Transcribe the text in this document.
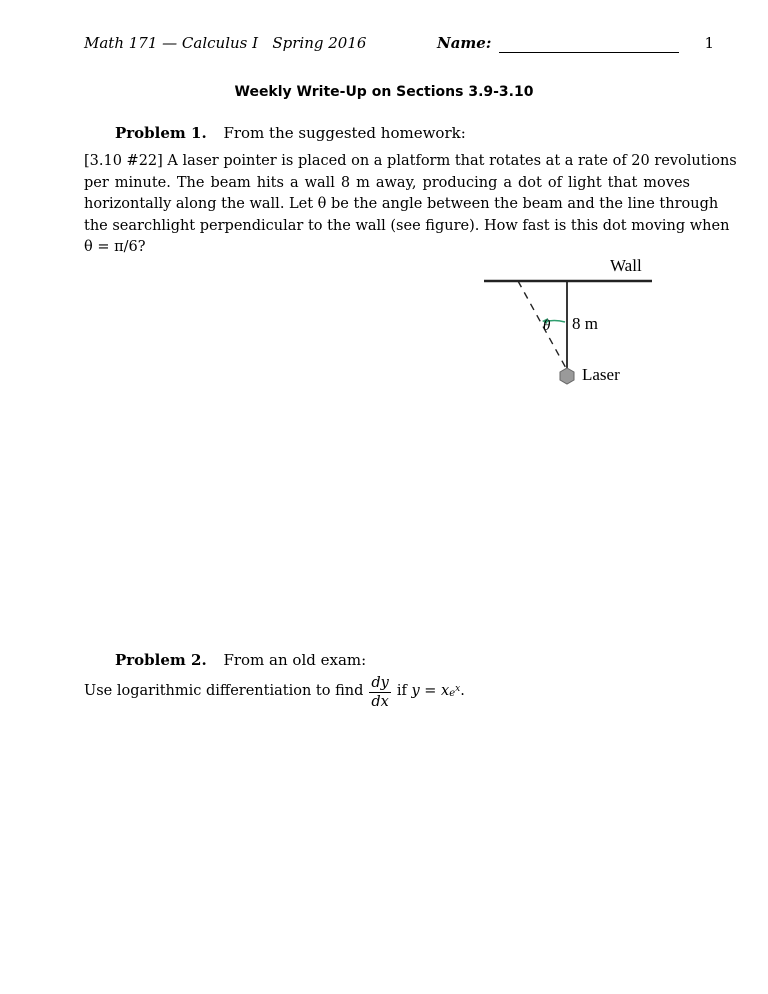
Math 171 — Calculus I   Spring 2016	Name:	1
Weekly Write-Up on Sections 3.9-3.10
Problem 1. From the suggested homework:
[3.10 #22] A laser pointer is placed on a platform that rotates at a rate of 20 revolutions
per minute. The beam hits a wall 8 m away, producing a dot of light that moves
horizontally along the wall. Let θ be the angle between the beam and the line through
the searchlight perpendicular to the wall (see figure). How fast is this dot moving when
θ = π/6?
Wall
8 m
θ
Laser
Problem 2. From an old exam:
Use logarithmic differentiation to find $\frac{dy}{dx}$ if
y = x ex .
